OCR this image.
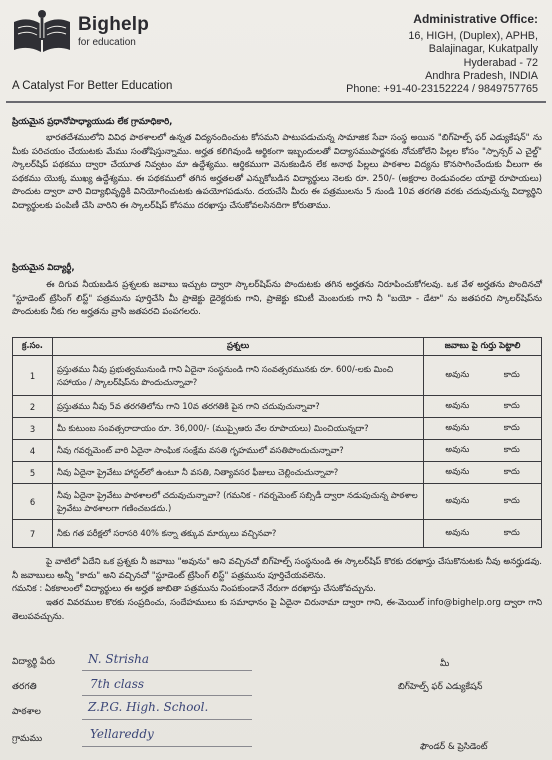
Bighelp
for education
A Catalyst For Better Education
Administrative Office:
16, HIGH, (Duplex), APHB,
Balajinagar, Kukatpally
Hyderabad - 72
Andhra Pradesh, INDIA
Phone: +91-40-23152224 / 9849757765
ప్రియమైన ప్రధానోపాధ్యాయుడు లేక గ్రామాధికారి,
భారతదేశములోని వివిధ పాఠశాలలో ఉన్నత విద్యనందించుట కోసమని పాటుపడుచున్న సామాజిక సేవా సంస్థ అయిన "బిగ్‌హెల్ప్ ఫర్ ఎడ్యుకేషన్" ను మీకు పరిచయం చేయుటకు మేము సంతోషిస్తున్నాము. అర్హత కలిగివుండి ఆర్థికంగా ఇబ్బందులతో విద్యాసముపార్జనకు నోచుకోలేని పిల్లల కోసం "స్పాన్సర్ ఎ చైల్డ్" స్కాలర్‌షిప్ పథకము ద్వారా చేయూత నివ్వటం మా ఉద్దేశ్యము. ఆర్థికముగా వెనుకబడిన లేక అనాథ పిల్లలు పాఠశాల విద్యను కొనసాగించేందుకు వీలుగా ఈ పథకము యొక్క ముఖ్య ఉద్దేశ్యము. ఈ పథకములో తగిన అర్హతలతో ఎన్నుకోబడిన విద్యార్థులు నెలకు రూ. 250/- (అక్షరాల రెండువందల యాభై రూపాయలు) పొందుట ద్వారా వారి విద్యాభివృద్ధికి వినియోగించుటకు ఉపయోగపడును. దయచేసి మీరు ఈ పత్రములను 5 నుండి 10వ తరగతి వరకు చదువుచున్న విద్యార్థిని విద్యార్థులకు పంపిణీ చేసి వారిని ఈ స్కాలర్‌షిప్ కోసము దరఖాస్తు చేసుకోవలసినదిగా కోరుతాము.
ప్రియమైన విద్యార్థీ,
ఈ దిగువ నీయబడిన ప్రశ్నలకు జవాబు ఇచ్చుట ద్వారా స్కాలర్‌షిప్‌ను పొందుటకు తగిన అర్హతను నిరూపించుకోగలవు. ఒక వేళ అర్హతను పొందినచో "స్టూడెంట్ ట్రేసింగ్ లిస్ట్" పత్రమును పూర్తిచేసి మీ ప్రాజెక్టు డైరెక్టరుకు గాని, ప్రాజెక్టు కమిటీ మెంబరుకు గాని నీ "బయో - డేటా" ను జతపరచి స్కాలర్‌షిప్‌ను పొందుటకు నీకు గల అర్హతను వ్రాసి జతపరచి పంపగలరు.
క్ర.సం.	ప్రశ్నలు	జవాబు పై గుర్తు పెట్టాలి
1	ప్రస్తుతము నీవు ప్రభుత్వమునుండి గాని ఏదైనా సంస్థనుండి గాని సంవత్సరమునకు రూ. 600/-లకు మించి సహాయం / స్కాలర్‌షిప్‌ను పొందుచున్నావా?	అవును కాదు

2	ప్రస్తుతము నీవు 5వ తరగతిలోను గాని 10వ తరగతికి పైన గాని చదువుచున్నావా?	అవును కాదు

3	మీ కుటుంబ సంవత్సరాదాయం రూ. 36,000/- (ముప్పైఆరు వేల రూపాయలు) మించియున్నదా?	అవును కాదు

4	నీవు గవర్నమెంట్ వారి ఏదైనా సాంఘిక సంక్షేమ వసతి గృహములో వసతిపొందుచున్నావా?	అవును కాదు

5	నీవు ఏదైనా ప్రైవేటు హాస్టల్‌లో ఉంటూ నీ వసతి, నిత్యావసర ఫీజులు చెల్లించుచున్నావా?	అవును కాదు

6	నీవు ఏదైనా ప్రైవేటు పాఠశాలలో చదువుచున్నావా? (గమనిక - గవర్నమెంట్ సబ్సిడీ ద్వారా నడుపుచున్న పాఠశాల ప్రైవేటు పాఠశాలగా గణించబడదు.)	అవును కాదు

7	నీకు గత పరీక్షలో సరాసరి 40% కన్నా తక్కువ మార్కులు వచ్చినవా?	అవును కాదు
పై వాటిలో ఏదేని ఒక ప్రశ్నకు నీ జవాబు "అవును" అని వచ్చినచో బిగ్‌హెల్ప్ సంస్థనుండి ఈ స్కాలర్‌షిప్ కొరకు దరఖాస్తు చేసుకొనుటకు నీవు అనర్హుడవు. నీ జవాబులు అన్నీ "కాదు" అని వచ్చినచో "స్టూడెంట్ ట్రేసింగ్ లిస్ట్" పత్రమును పూర్తిచేయవలెను.
గమనిక : ఏకకాలంలో విద్యార్థులు ఈ అర్హత జాబితా పత్రమును నింపకుండానే నేరుగా దరఖాస్తు చేసుకోవచ్చును.
ఇతర వివరముల కొరకు సంప్రదించు, సందేహములు కు సమాధానం పై ఏదైనా చిరునామా ద్వారా గాని, ఈ-మెయిల్ info@bighelp.org ద్వారా గాని తెలుపవచ్చును.
విద్యార్థి పేరు	N. Strisha
తరగతి	7th class
పాఠశాల	Z.P.G. High. School.
గ్రామము	Yellareddy
మీ
బిగ్‌హెల్ప్ ఫర్ ఎడ్యుకేషన్
ఫౌండర్ & ప్రెసిడెంట్
